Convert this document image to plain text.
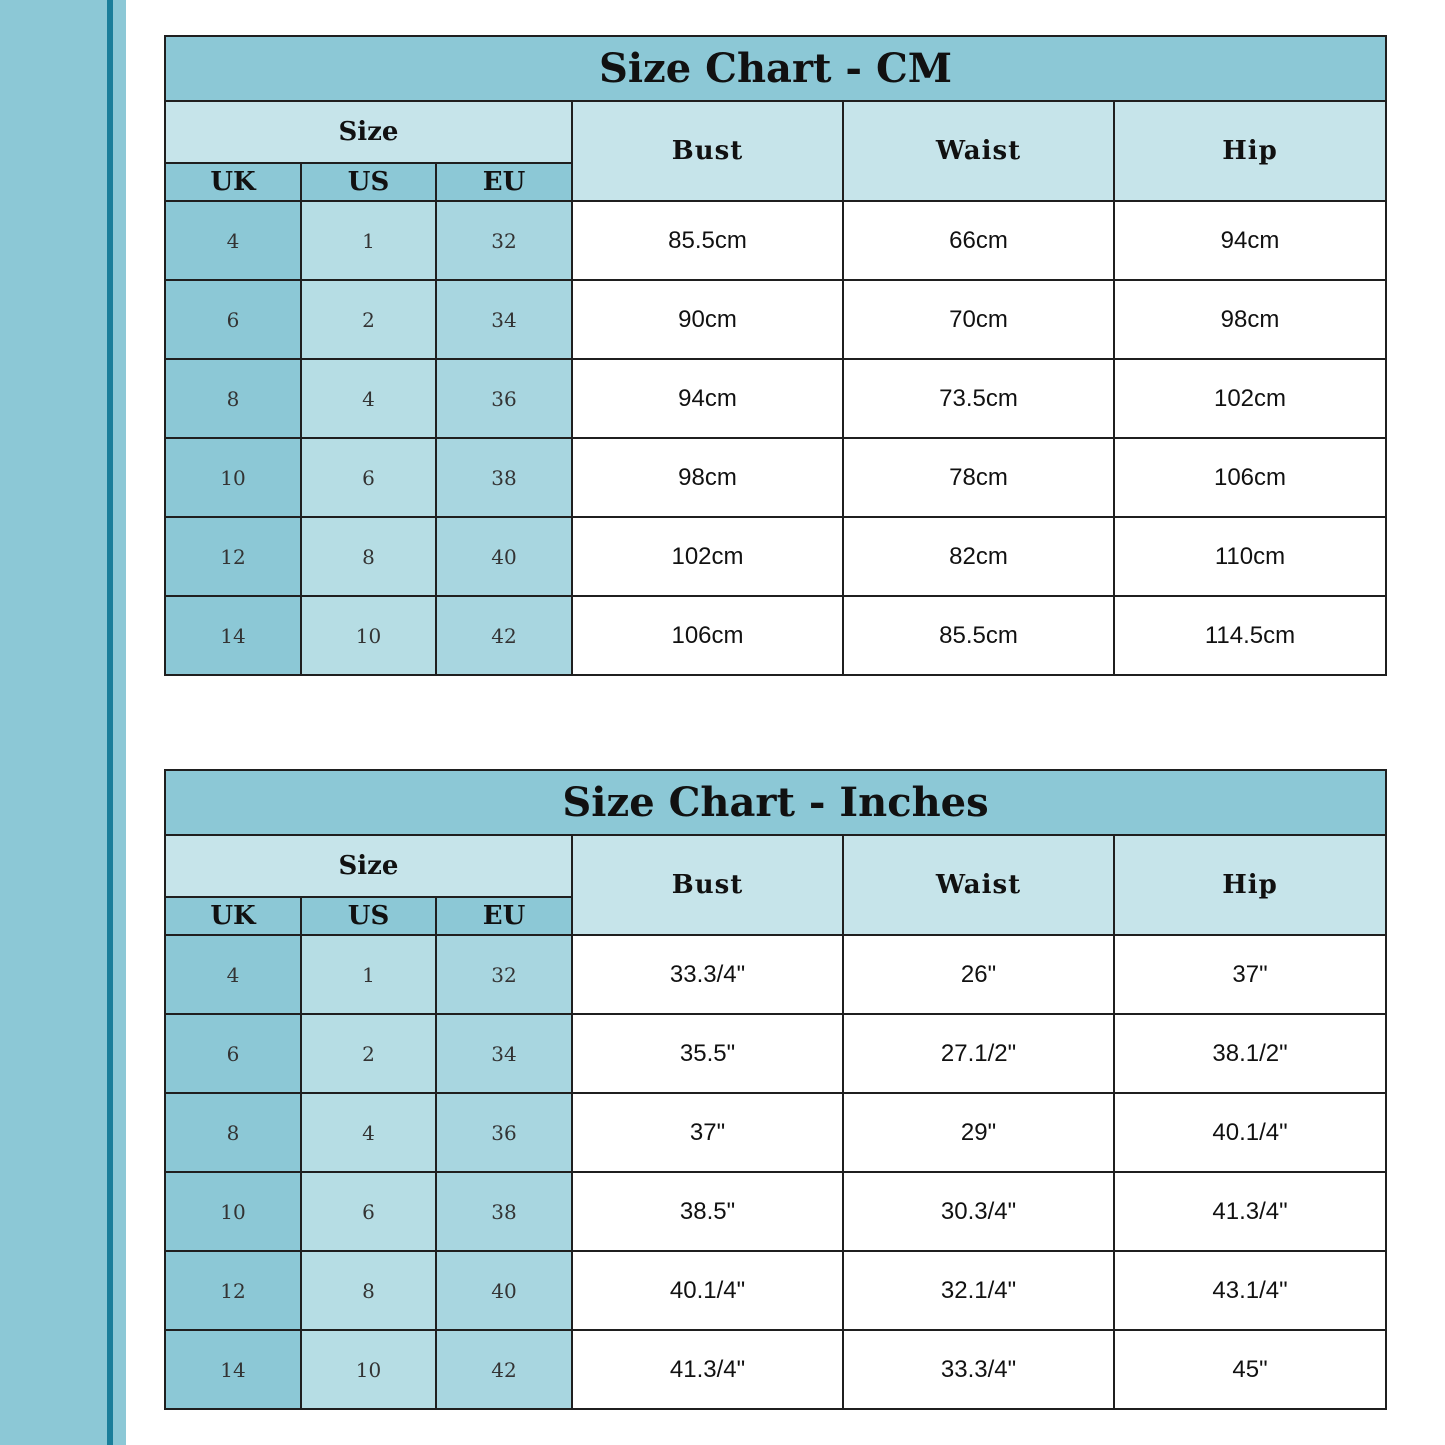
Size Chart - CM					
Size			Bust	Waist	Hip
UK	US	EU			
4	1	32	85.5cm	66cm	94cm
6	2	34	90cm	70cm	98cm
8	4	36	94cm	73.5cm	102cm
10	6	38	98cm	78cm	106cm
12	8	40	102cm	82cm	110cm
14	10	42	106cm	85.5cm	114.5cm
Size Chart - Inches					
Size			Bust	Waist	Hip
UK	US	EU			
4	1	32	33.3/4"	26"	37"
6	2	34	35.5"	27.1/2"	38.1/2"
8	4	36	37"	29"	40.1/4"
10	6	38	38.5"	30.3/4"	41.3/4"
12	8	40	40.1/4"	32.1/4"	43.1/4"
14	10	42	41.3/4"	33.3/4"	45"
